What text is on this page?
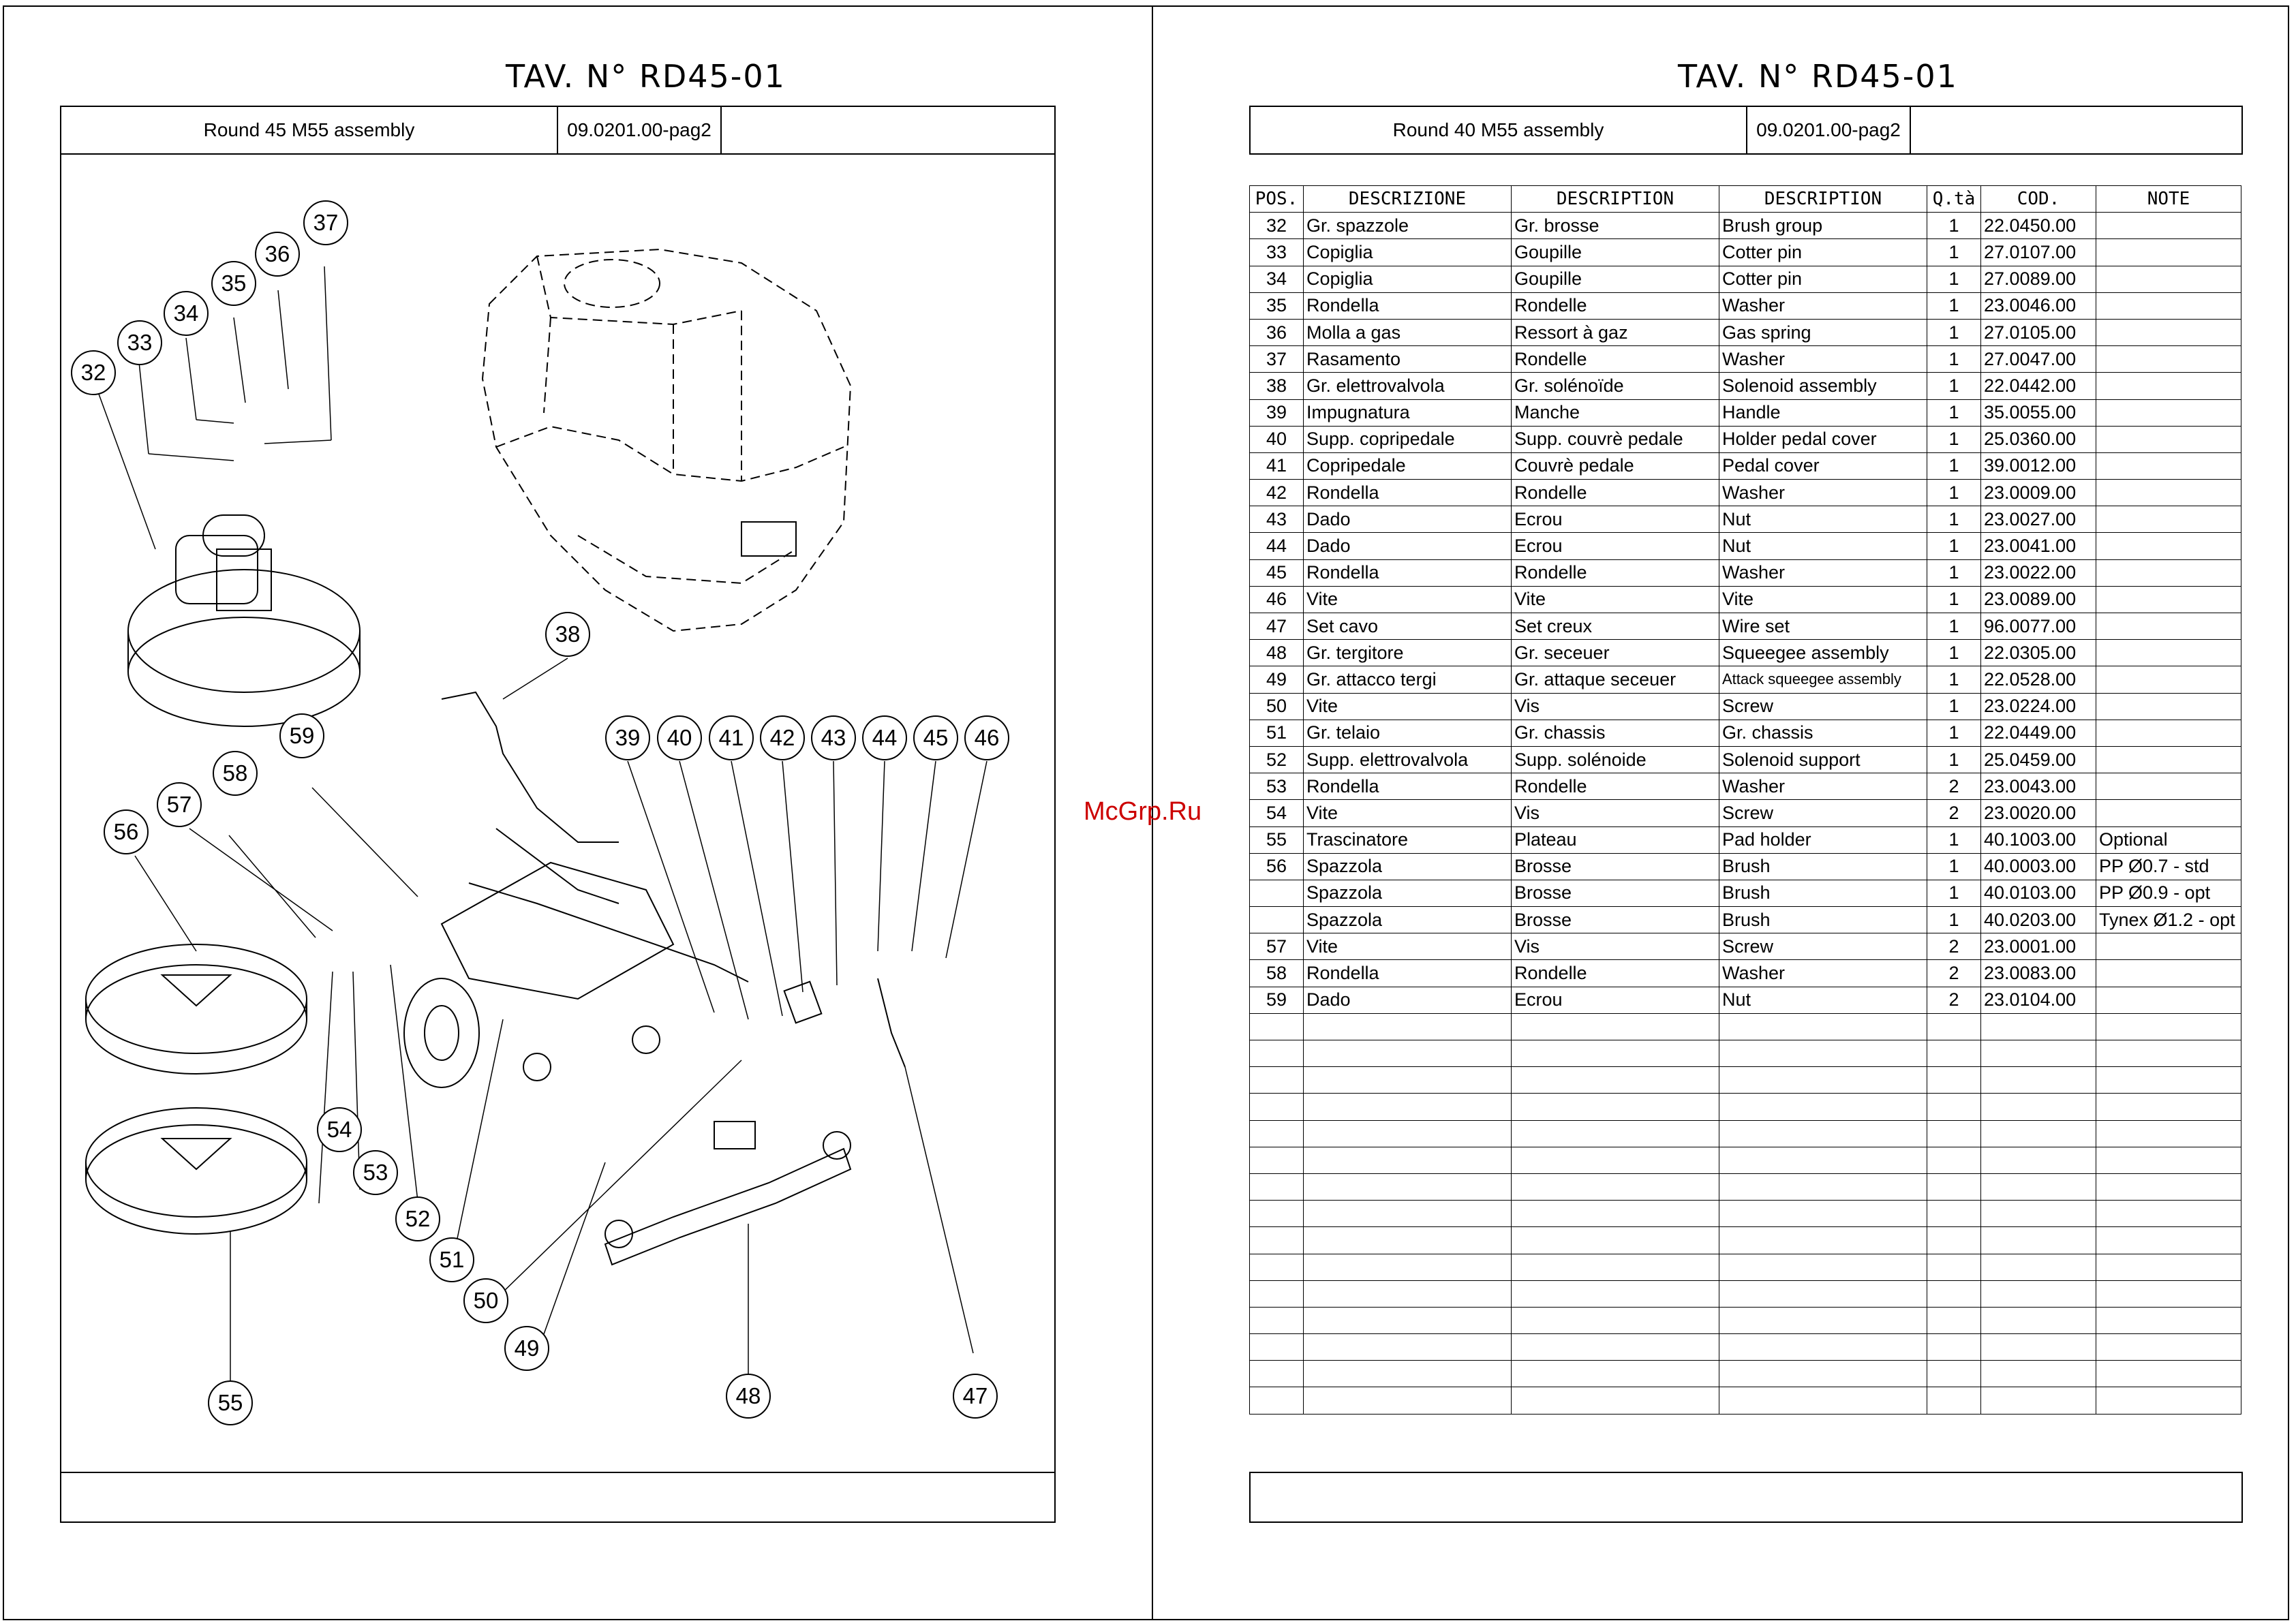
TAV. N° RD45-01
Round 45 M55 assembly	09.0201.00-pag2
32
33
34
35
36
37
38
39	40	41	42	43	44	45	46
47
48
49
50
51
52
53
54
55
56
57
58
59
McGrp.Ru
TAV. N° RD45-01
Round 40 M55 assembly	09.0201.00-pag2
POS.	DESCRIZIONE	DESCRIPTION	DESCRIPTION	Q.tà	COD.	NOTE
32	Gr. spazzole	Gr. brosse	Brush group	1	22.0450.00	
33	Copiglia	Goupille	Cotter pin	1	27.0107.00	
34	Copiglia	Goupille	Cotter pin	1	27.0089.00	
35	Rondella	Rondelle	Washer	1	23.0046.00	
36	Molla a gas	Ressort à gaz	Gas spring	1	27.0105.00	
37	Rasamento	Rondelle	Washer	1	27.0047.00	
38	Gr. elettrovalvola	Gr. solénoïde	Solenoid assembly	1	22.0442.00	
39	Impugnatura	Manche	Handle	1	35.0055.00	
40	Supp. copripedale	Supp. couvrè pedale	Holder pedal cover	1	25.0360.00	
41	Copripedale	Couvrè pedale	Pedal cover	1	39.0012.00	
42	Rondella	Rondelle	Washer	1	23.0009.00	
43	Dado	Ecrou	Nut	1	23.0027.00	
44	Dado	Ecrou	Nut	1	23.0041.00	
45	Rondella	Rondelle	Washer	1	23.0022.00	
46	Vite	Vite	Vite	1	23.0089.00	
47	Set cavo	Set creux	Wire set	1	96.0077.00	
48	Gr. tergitore	Gr. seceuer	Squeegee assembly	1	22.0305.00	
49	Gr. attacco tergi	Gr. attaque seceuer	Attack squeegee assembly	1	22.0528.00	
50	Vite	Vis	Screw	1	23.0224.00	
51	Gr. telaio	Gr. chassis	Gr. chassis	1	22.0449.00	
52	Supp. elettrovalvola	Supp. solénoide	Solenoid support	1	25.0459.00	
53	Rondella	Rondelle	Washer	2	23.0043.00	
54	Vite	Vis	Screw	2	23.0020.00	
55	Trascinatore	Plateau	Pad holder	1	40.1003.00	Optional
56	Spazzola	Brosse	Brush	1	40.0003.00	PP Ø0.7 - std
	Spazzola	Brosse	Brush	1	40.0103.00	PP Ø0.9 - opt
	Spazzola	Brosse	Brush	1	40.0203.00	Tynex Ø1.2 - opt
57	Vite	Vis	Screw	2	23.0001.00	
58	Rondella	Rondelle	Washer	2	23.0083.00	
59	Dado	Ecrou	Nut	2	23.0104.00	
